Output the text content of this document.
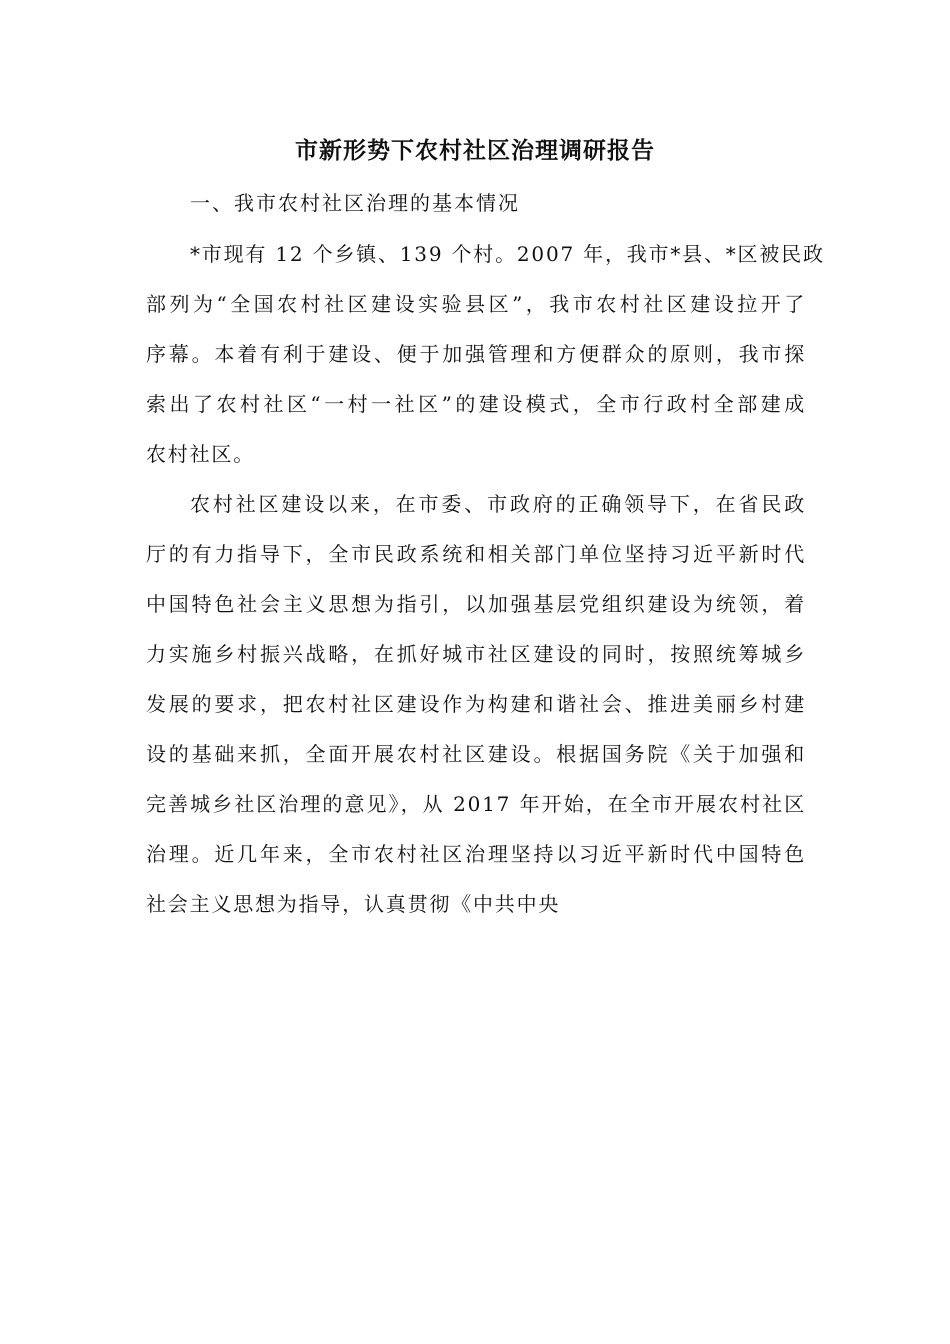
市新形势下农村社区治理调研报告
一、我市农村社区治理的基本情况
*市现有 12 个乡镇、139 个村。2007 年，我市*县、*区被民政
部列为“全国农村社区建设实验县区”，我市农村社区建设拉开了
序幕。本着有利于建设、便于加强管理和方便群众的原则，我市探
索出了农村社区“一村一社区”的建设模式，全市行政村全部建成
农村社区。
农村社区建设以来，在市委、市政府的正确领导下，在省民政
厅的有力指导下，全市民政系统和相关部门单位坚持习近平新时代
中国特色社会主义思想为指引，以加强基层党组织建设为统领，着
力实施乡村振兴战略，在抓好城市社区建设的同时，按照统筹城乡
发展的要求，把农村社区建设作为构建和谐社会、推进美丽乡村建
设的基础来抓，全面开展农村社区建设。根据国务院《关于加强和
完善城乡社区治理的意见》，从 2017 年开始，在全市开展农村社区
治理。近几年来，全市农村社区治理坚持以习近平新时代中国特色
社会主义思想为指导，认真贯彻《中共中央
